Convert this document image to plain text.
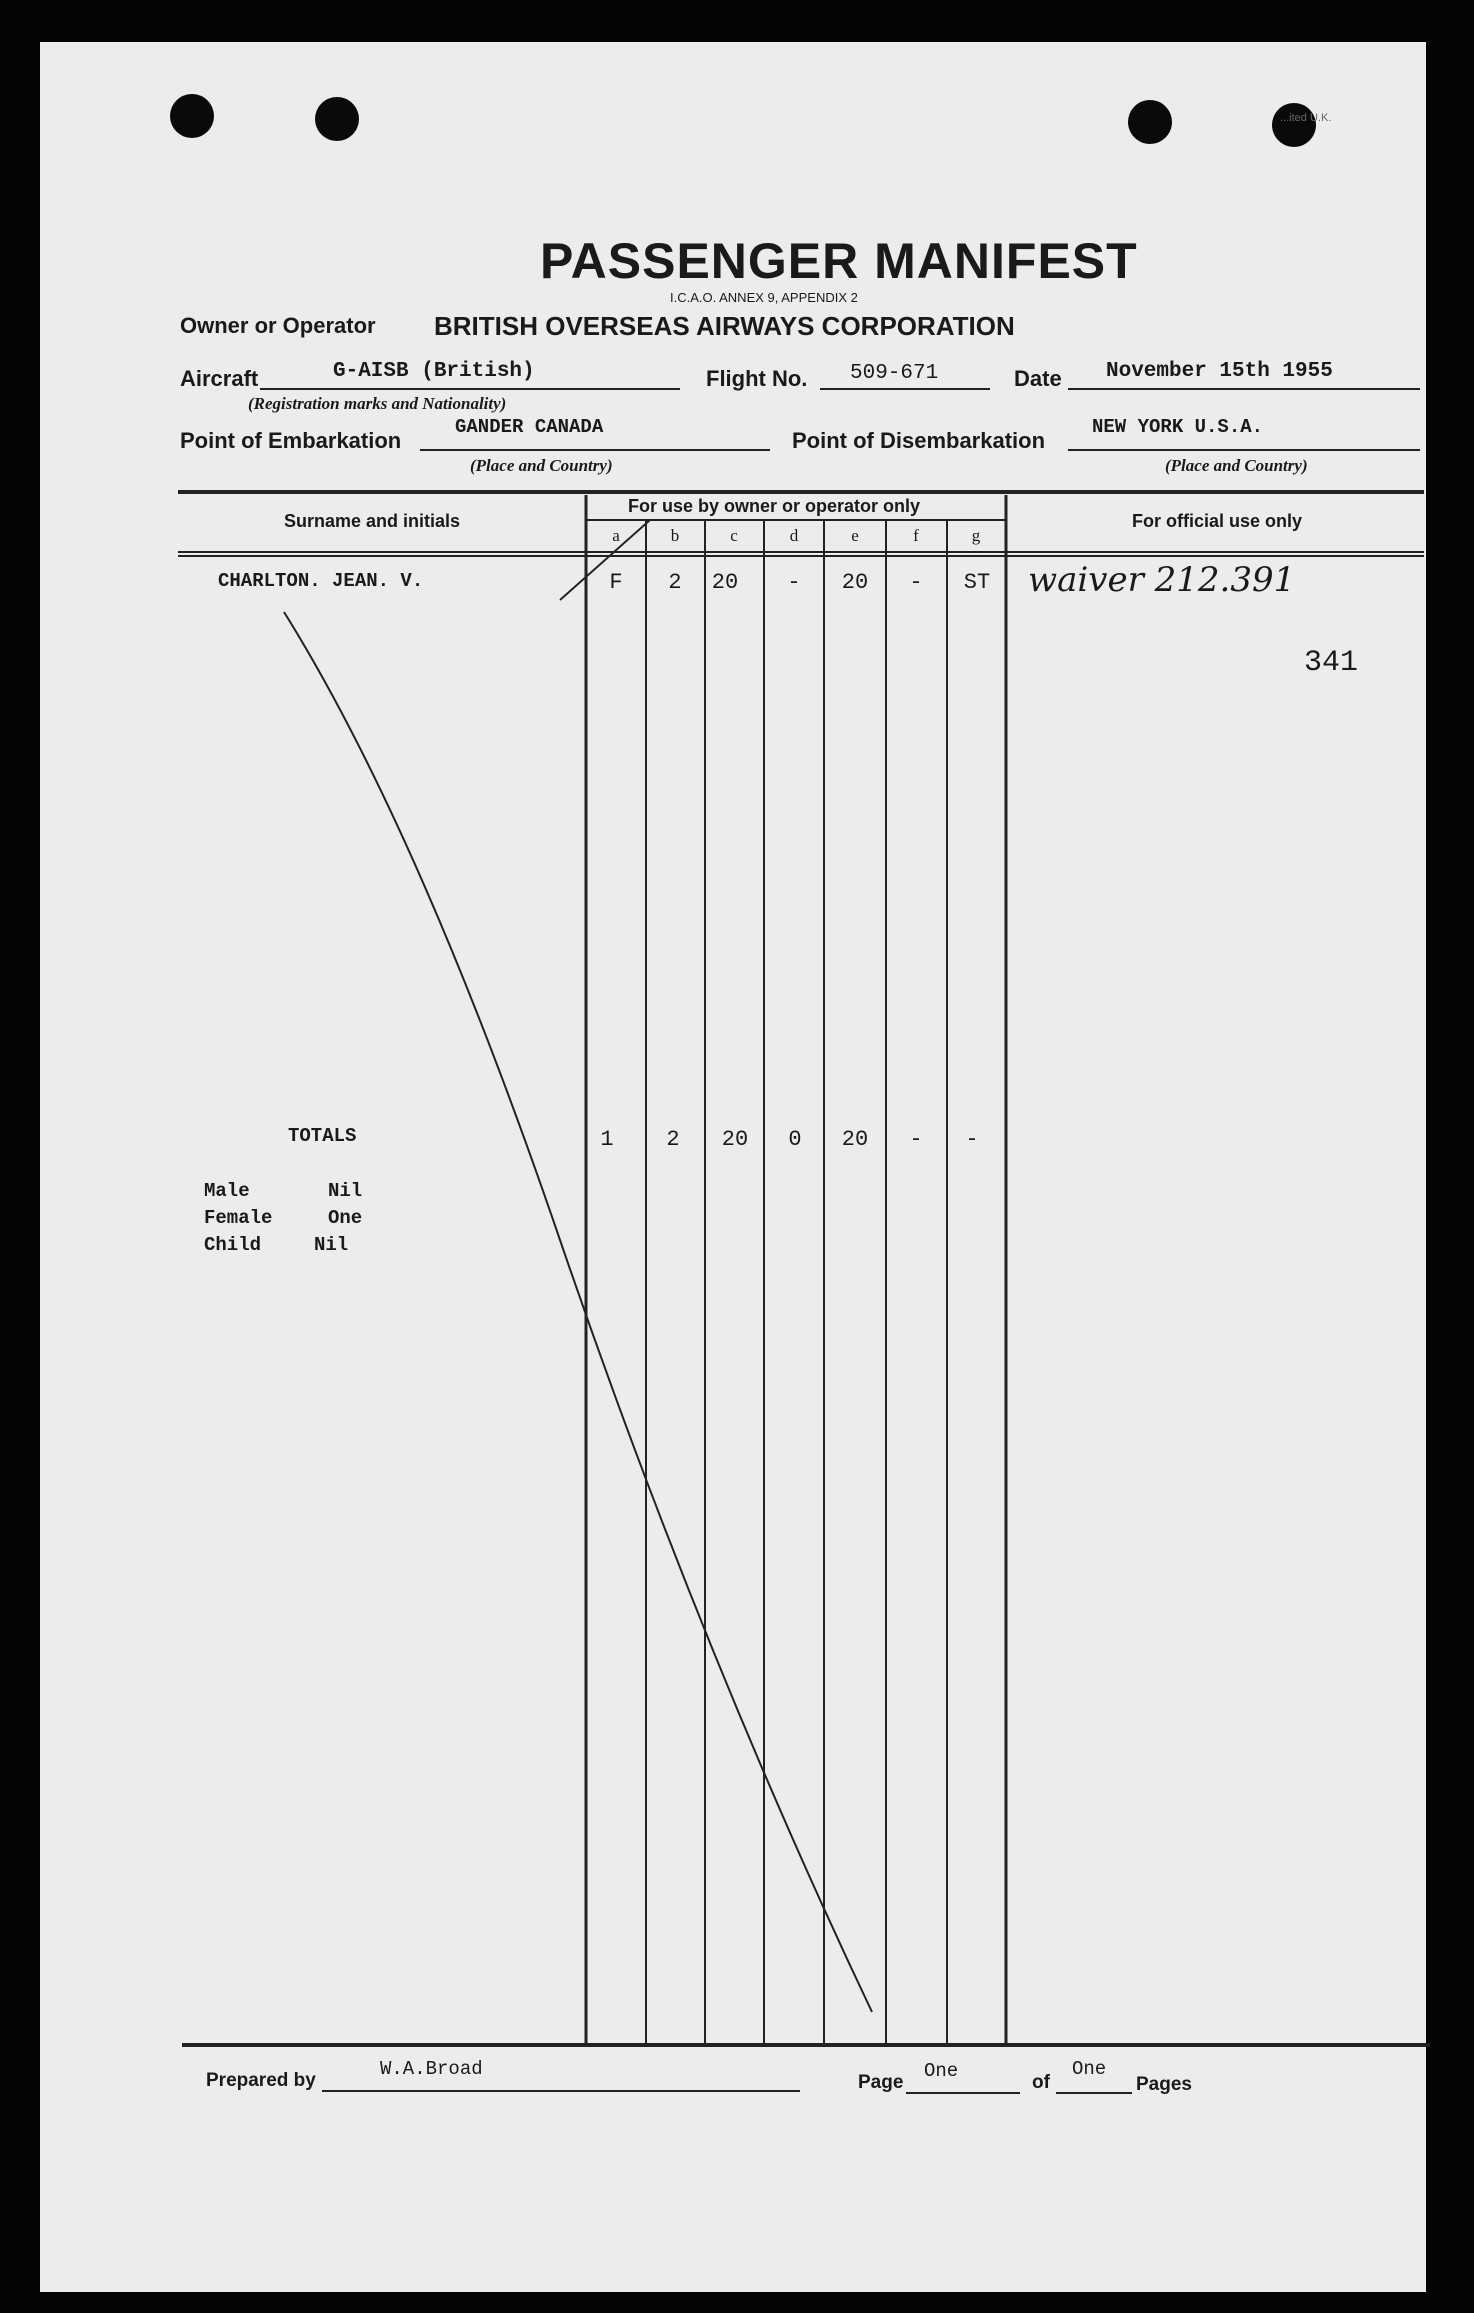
...ited U.K.
PASSENGER MANIFEST
I.C.A.O. ANNEX 9, APPENDIX 2
Owner or Operator BRITISH OVERSEAS AIRWAYS CORPORATION
Aircraft	G-AISB (British)
(Registration marks and Nationality)
Flight No. 509-671	Date November 15th 1955
Point of Embarkation
GANDER CANADA
(Place and Country)
Point of Disembarkation
NEW YORK U.S.A.
(Place and Country)
Surname and initials
For use by owner or operator only
For official use only
a	b	c	d	e	f	g
CHARLTON. JEAN. V.	F	2	20	-	20	-	ST	waiver 212.391
341
TOTALS	1	2	20	0	20	-	-
Male	Nil
Female	One
Child	Nil
Prepared by
W.A.Broad
Page
One
of
One
Pages
